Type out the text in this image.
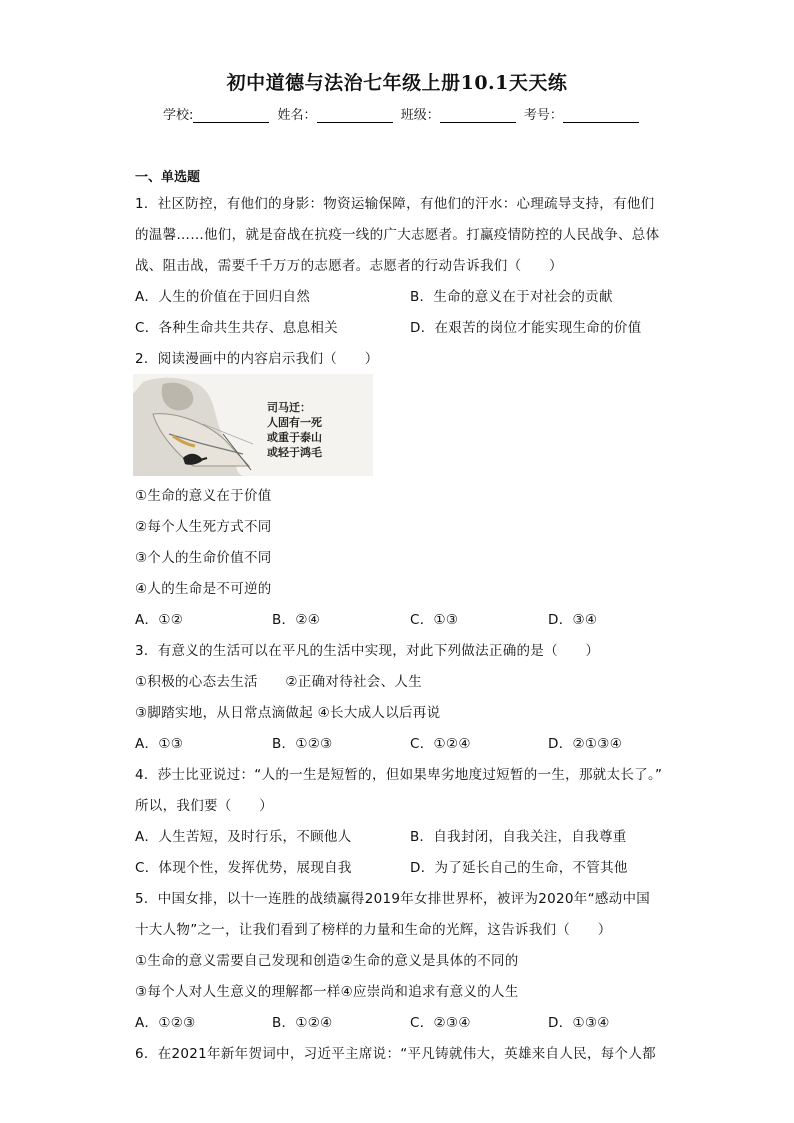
初中道德与法治七年级上册10.1天天练
学校:	姓名：	班级：	考号：
一、单选题
1．社区防控，有他们的身影：物资运输保障，有他们的汗水：心理疏导支持，有他们
的温馨……他们，就是奋战在抗疫一线的广大志愿者。打赢疫情防控的人民战争、总体
战、阻击战，需要千千万万的志愿者。志愿者的行动告诉我们（　　）
A．人生的价值在于回归自然	B．生命的意义在于对社会的贡献
C．各种生命共生共存、息息相关	D．在艰苦的岗位才能实现生命的价值
2．阅读漫画中的内容启示我们（　　）
司马迁：
人固有一死
或重于泰山
或轻于鸿毛
①生命的意义在于价值
②每个人生死方式不同
③个人的生命价值不同
④人的生命是不可逆的
A．①②	B．②④	C．①③	D．③④
3．有意义的生活可以在平凡的生活中实现，对此下列做法正确的是（　　）
①积极的心态去生活　　②正确对待社会、人生
③脚踏实地，从日常点滴做起 ④长大成人以后再说
A．①③	B．①②③	C．①②④	D．②①③④
4．莎士比亚说过：“人的一生是短暂的，但如果卑劣地度过短暂的一生，那就太长了。”
所以，我们要（　　）
A．人生苦短，及时行乐，不顾他人	B．自我封闭，自我关注，自我尊重
C．体现个性，发挥优势，展现自我	D．为了延长自己的生命，不管其他
5．中国女排，以十一连胜的战绩赢得2019年女排世界杯，被评为2020年“感动中国
十大人物”之一，让我们看到了榜样的力量和生命的光辉，这告诉我们（　　）
①生命的意义需要自己发现和创造②生命的意义是具体的不同的
③每个人对人生意义的理解都一样④应崇尚和追求有意义的人生
A．①②③	B．①②④	C．②③④	D．①③④
6．在2021年新年贺词中，习近平主席说：“平凡铸就伟大，英雄来自人民，每个人都
